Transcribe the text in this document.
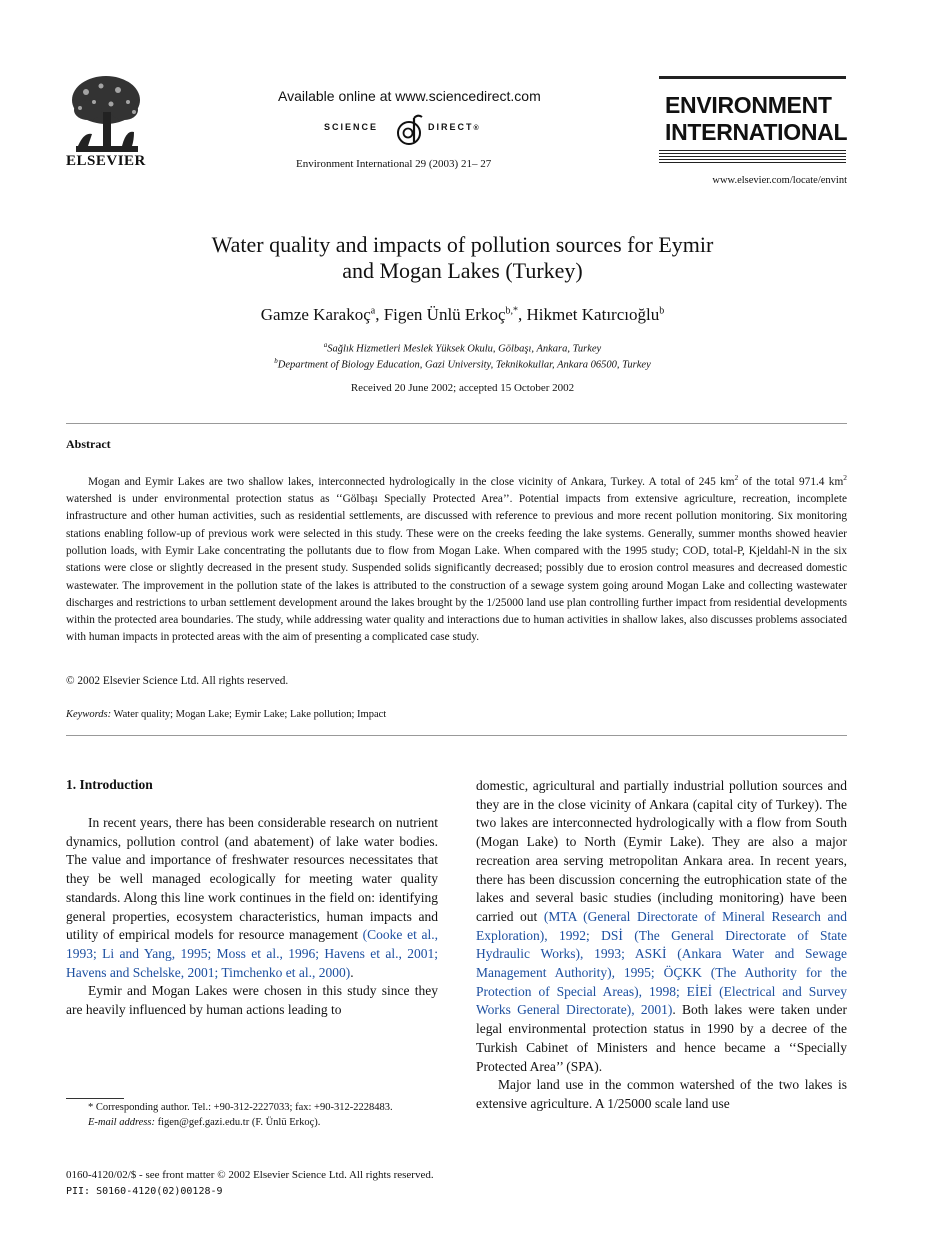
ELSEVIER
Available online at www.sciencedirect.com
SCIENCE	DIRECT®
Environment International 29 (2003) 21– 27
ENVIRONMENT
INTERNATIONAL
www.elsevier.com/locate/envint
Water quality and impacts of pollution sources for Eymir
and Mogan Lakes (Turkey)
Gamze Karakoç$^a$, Figen Ünlü Erkoç$^{b,*}$, Hikmet Katırcıoğlu$^b$
$^a$Sağlık Hizmetleri Meslek Yüksek Okulu, Gölbaşı, Ankara, Turkey
$^b$Department of Biology Education, Gazi University, Teknikokullar, Ankara 06500, Turkey
Received 20 June 2002; accepted 15 October 2002
Abstract

Mogan and Eymir Lakes are two shallow lakes, interconnected hydrologically in the close vicinity of Ankara, Turkey. A total of 245 $km^2$ of the total 971.4 $km^2$ watershed is under environmental protection status as ‘‘Gölbaşı Specially Protected Area’’. Potential impacts from extensive agriculture, recreation, incomplete infrastructure and other human activities, such as residential settlements, are discussed with reference to previous and more recent pollution monitoring. Six monitoring stations enabling follow-up of previous work were selected in this study. These were on the creeks feeding the lake systems. Generally, summer months showed heavier pollution loads, with Eymir Lake concentrating the pollutants due to flow from Mogan Lake. When compared with the 1995 study; COD, total-P, Kjeldahl-N in the six stations were close or slightly decreased in the present study. Suspended solids significantly decreased; possibly due to erosion control measures and decreased domestic wastewater. The improvement in the pollution state of the lakes is attributed to the construction of a sewage system going around Mogan Lake and collecting wastewater discharges and restrictions to urban settlement development around the lakes brought by the 1/25000 land use plan controlling further impact from residential developments within the protected area boundaries. The study, while addressing water quality and interactions due to human activities in shallow lakes, also discusses problems associated with human impacts in protected areas with the aim of presenting a complicated case study.

© 2002 Elsevier Science Ltd. All rights reserved.
Keywords: Water quality; Mogan Lake; Eymir Lake; Lake pollution; Impact
1. Introduction

In recent years, there has been considerable research on nutrient dynamics, pollution control (and abatement) of lake water bodies. The value and importance of freshwater resources necessitates that they be well managed ecologically for meeting water quality standards. Along this line work continues in the field on: identifying general properties, ecosystem characteristics, human impacts and utility of empirical models for resource management (Cooke et al., 1993; Li and Yang, 1995; Moss et al., 1996; Havens et al., 2001; Havens and Schelske, 2001; Timchenko et al., 2000).

Eymir and Mogan Lakes were chosen in this study since they are heavily influenced by human actions leading to

* Corresponding author. Tel.: +90-312-2227033; fax: +90-312-2228483.
E-mail address: figen@gef.gazi.edu.tr (F. Ünlü Erkoç).

domestic, agricultural and partially industrial pollution sources and they are in the close vicinity of Ankara (capital city of Turkey). The two lakes are interconnected hydrologically with a flow from South (Mogan Lake) to North (Eymir Lake). They are also a major recreation area serving metropolitan Ankara area. In recent years, there has been discussion concerning the eutrophication state of the lakes and several basic studies (including monitoring) have been carried out (MTA (General Directorate of Mineral Research and Exploration), 1992; DSİ (The General Directorate of State Hydraulic Works), 1993; ASKİ (Ankara Water and Sewage Management Authority), 1995; ÖÇKK (The Authority for the Protection of Special Areas), 1998; EİEİ (Electrical and Survey Works General Directorate), 2001). Both lakes were taken under legal environmental protection status in 1990 by a decree of the Turkish Cabinet of Ministers and hence became a ‘‘Specially Protected Area’’ (SPA).

Major land use in the common watershed of the two lakes is extensive agriculture. A 1/25000 scale land use

0160-4120/02/$ - see front matter © 2002 Elsevier Science Ltd. All rights reserved.
PII: S0160-4120(02)00128-9
